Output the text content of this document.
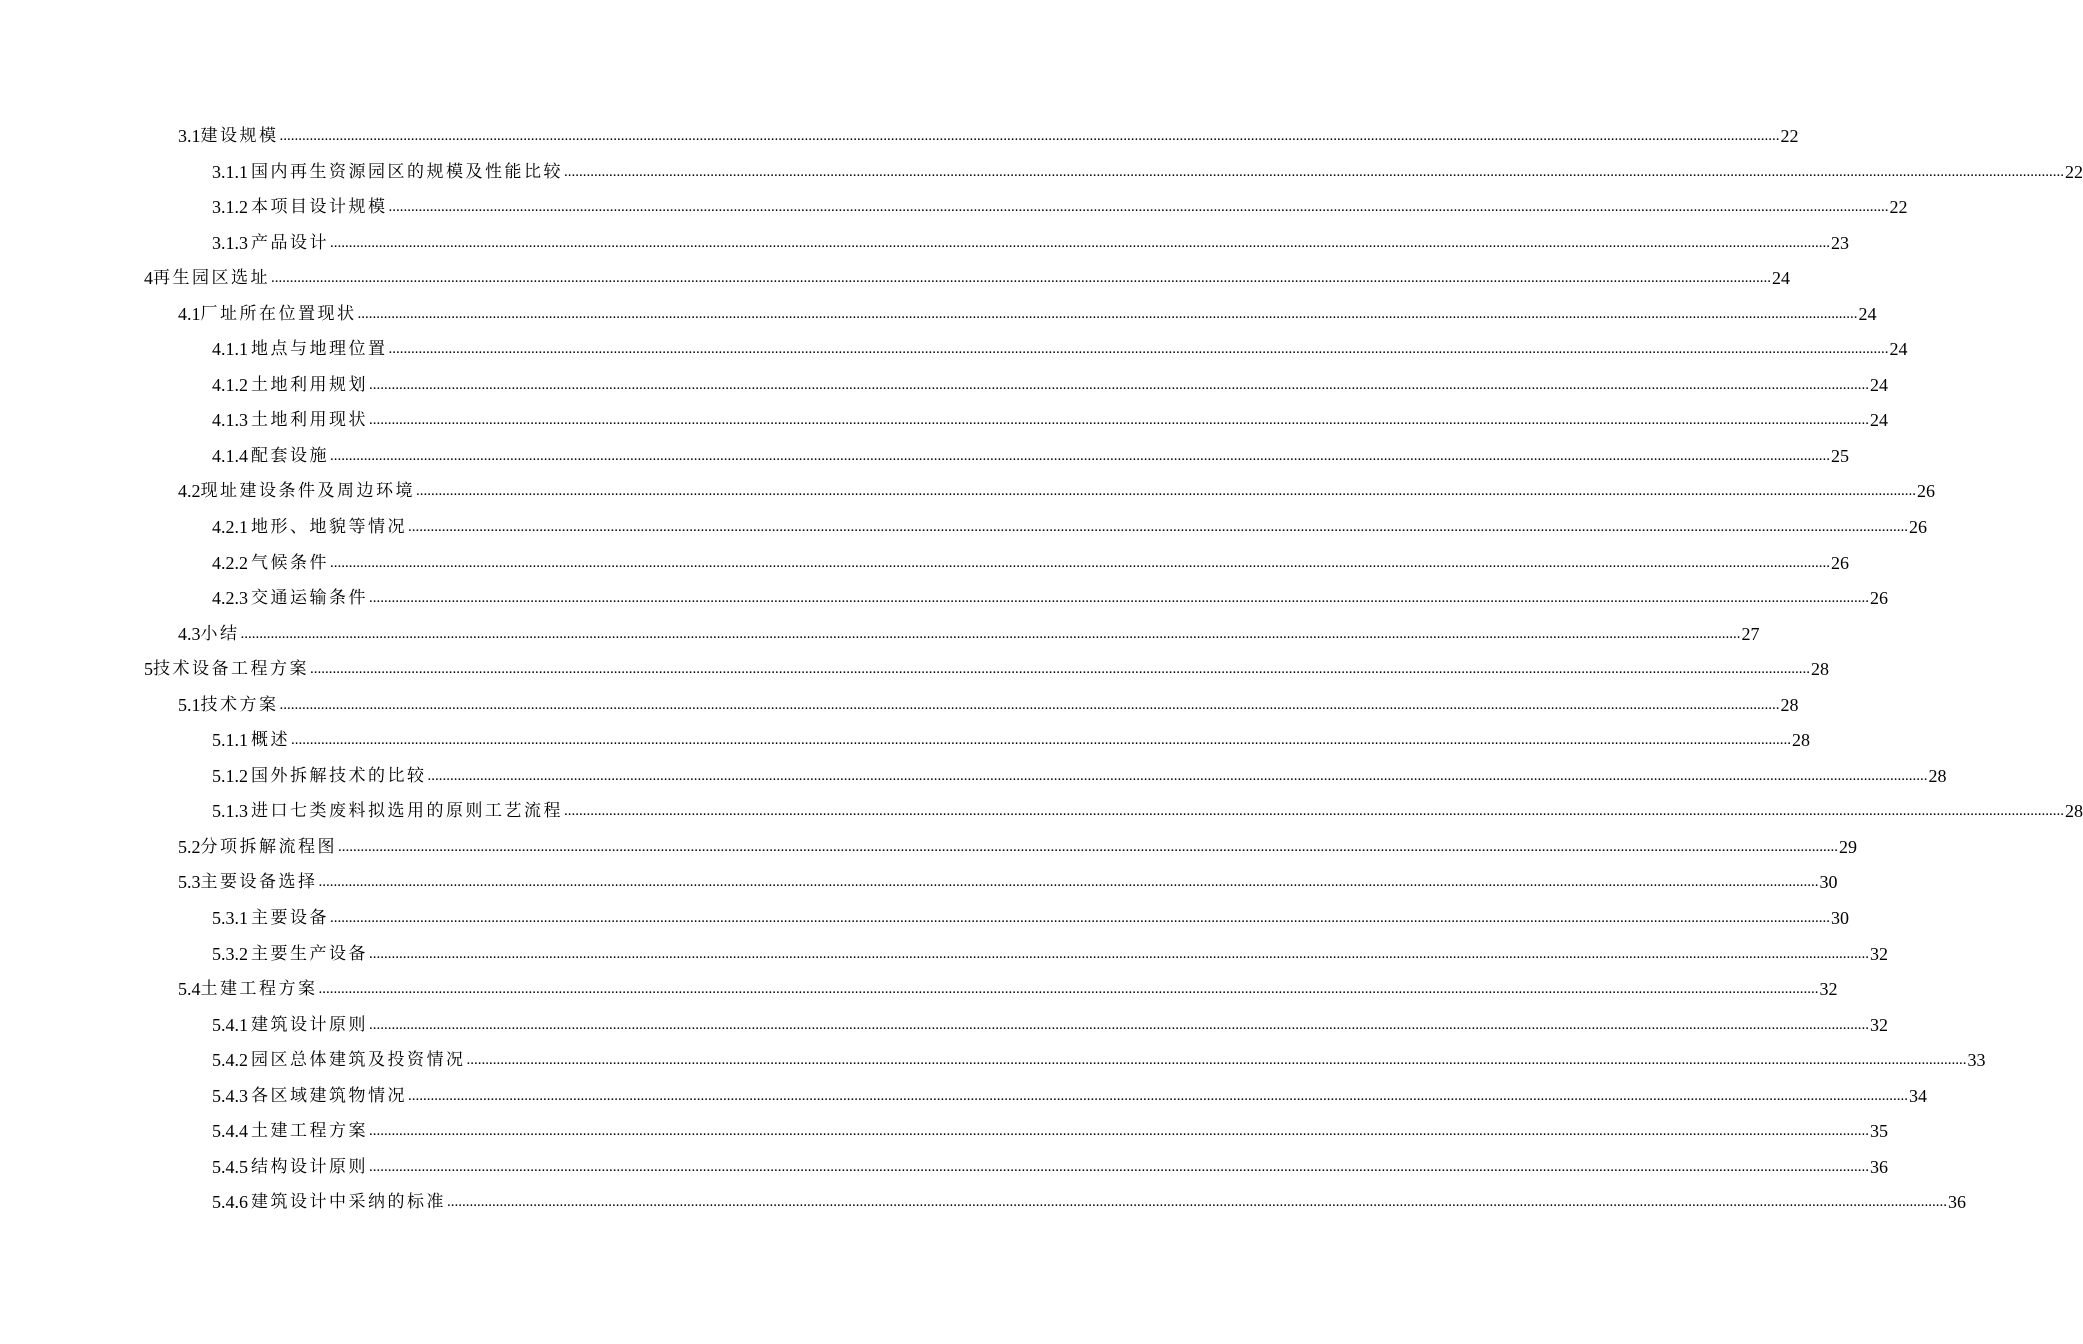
3.1 建设规模 ................................................................................................................................................................................................................................................................................................................................................................................................................ 22
3.1.1 国内再生资源园区的规模及性能比较 ................................................................................................................................................................................................................................................................................................................................................................................................................ 22
3.1.2 本项目设计规模 ................................................................................................................................................................................................................................................................................................................................................................................................................ 22
3.1.3 产品设计 ................................................................................................................................................................................................................................................................................................................................................................................................................ 23
4 再生园区选址 ................................................................................................................................................................................................................................................................................................................................................................................................................ 24
4.1 厂址所在位置现状 ................................................................................................................................................................................................................................................................................................................................................................................................................ 24
4.1.1 地点与地理位置 ................................................................................................................................................................................................................................................................................................................................................................................................................ 24
4.1.2 土地利用规划 ................................................................................................................................................................................................................................................................................................................................................................................................................ 24
4.1.3 土地利用现状 ................................................................................................................................................................................................................................................................................................................................................................................................................ 24
4.1.4 配套设施 ................................................................................................................................................................................................................................................................................................................................................................................................................ 25
4.2 现址建设条件及周边环境 ................................................................................................................................................................................................................................................................................................................................................................................................................ 26
4.2.1 地形、地貌等情况 ................................................................................................................................................................................................................................................................................................................................................................................................................ 26
4.2.2 气候条件 ................................................................................................................................................................................................................................................................................................................................................................................................................ 26
4.2.3 交通运输条件 ................................................................................................................................................................................................................................................................................................................................................................................................................ 26
4.3 小结 ................................................................................................................................................................................................................................................................................................................................................................................................................ 27
5 技术设备工程方案 ................................................................................................................................................................................................................................................................................................................................................................................................................ 28
5.1 技术方案 ................................................................................................................................................................................................................................................................................................................................................................................................................ 28
5.1.1 概述 ................................................................................................................................................................................................................................................................................................................................................................................................................ 28
5.1.2 国外拆解技术的比较 ................................................................................................................................................................................................................................................................................................................................................................................................................ 28
5.1.3 进口七类废料拟选用的原则工艺流程 ................................................................................................................................................................................................................................................................................................................................................................................................................ 28
5.2 分项拆解流程图 ................................................................................................................................................................................................................................................................................................................................................................................................................ 29
5.3 主要设备选择 ................................................................................................................................................................................................................................................................................................................................................................................................................ 30
5.3.1 主要设备 ................................................................................................................................................................................................................................................................................................................................................................................................................ 30
5.3.2 主要生产设备 ................................................................................................................................................................................................................................................................................................................................................................................................................ 32
5.4 土建工程方案 ................................................................................................................................................................................................................................................................................................................................................................................................................ 32
5.4.1 建筑设计原则 ................................................................................................................................................................................................................................................................................................................................................................................................................ 32
5.4.2 园区总体建筑及投资情况 ................................................................................................................................................................................................................................................................................................................................................................................................................ 33
5.4.3 各区域建筑物情况 ................................................................................................................................................................................................................................................................................................................................................................................................................ 34
5.4.4 土建工程方案 ................................................................................................................................................................................................................................................................................................................................................................................................................ 35
5.4.5 结构设计原则 ................................................................................................................................................................................................................................................................................................................................................................................................................ 36
5.4.6 建筑设计中采纳的标准 ................................................................................................................................................................................................................................................................................................................................................................................................................ 36
